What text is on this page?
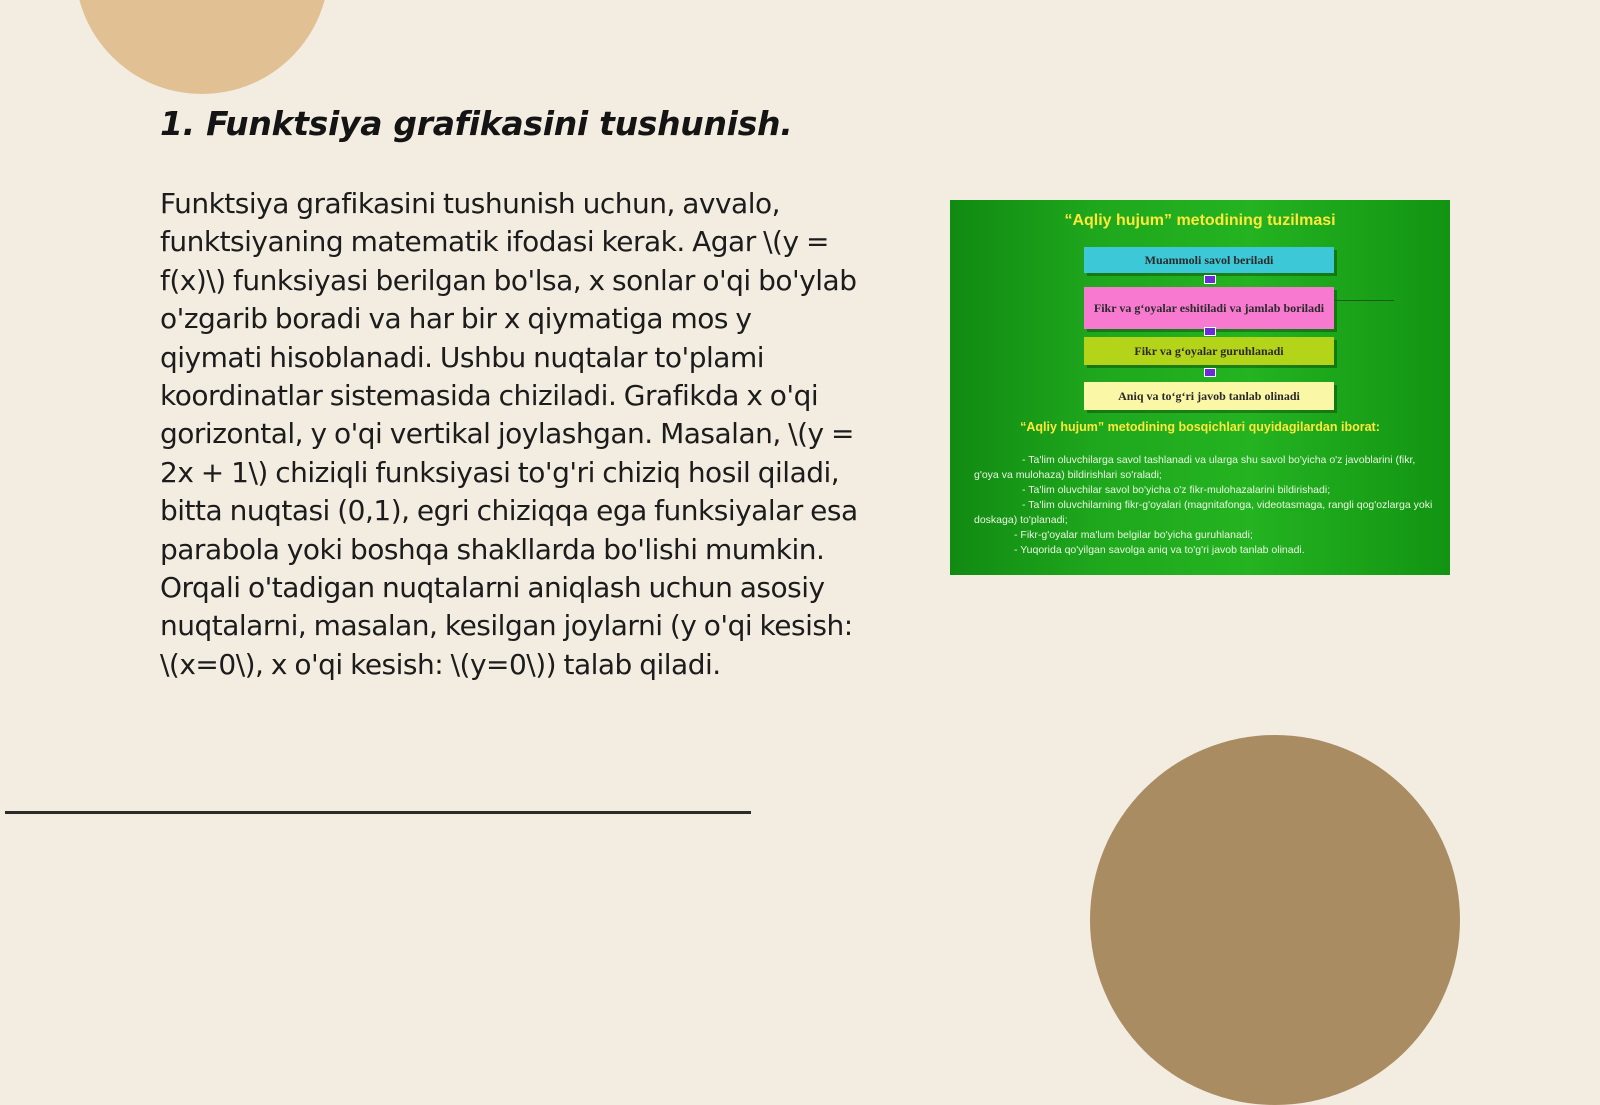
1. Funktsiya grafikasini tushunish.

Funktsiya grafikasini tushunish uchun, avvalo, funktsiyaning matematik ifodasi kerak. Agar \(y = f(x)\) funksiyasi berilgan bo'lsa, x sonlar o'qi bo'ylab o'zgarib boradi va har bir x qiymatiga mos y qiymati hisoblanadi. Ushbu nuqtalar to'plami koordinatlar sistemasida chiziladi. Grafikda x o'qi gorizontal, y o'qi vertikal joylashgan. Masalan, \(y = 2x + 1\) chiziqli funksiyasi to'g'ri chiziq hosil qiladi, bitta nuqtasi (0,1), egri chiziqqa ega funksiyalar esa parabola yoki boshqa shakllarda bo'lishi mumkin. Orqali o'tadigan nuqtalarni aniqlash uchun asosiy nuqtalarni, masalan, kesilgan joylarni (y o'qi kesish: \(x=0\), x o'qi kesish: \(y=0\)) talab qiladi.

“Aqliy hujum” metodining tuzilmasi
Muammoli savol beriladi
Fikr va g‘oyalar eshitiladi va jamlab boriladi
Fikr va g‘oyalar guruhlanadi
Aniq va to‘g‘ri javob tanlab olinadi
“Aqliy hujum” metodining bosqichlari quyidagilardan iborat:
- Ta'lim oluvchilarga savol tashlanadi va ularga shu savol bo'yicha o'z javoblarini (fikr, g'oya va mulohaza) bildirishlari so'raladi;
- Ta'lim oluvchilar savol bo'yicha o'z fikr-mulohazalarini bildirishadi;
- Ta'lim oluvchilarning fikr-g'oyalari (magnitafonga, videotasmaga, rangli qog'ozlarga yoki doskaga) to'planadi;
- Fikr-g'oyalar ma'lum belgilar bo'yicha guruhlanadi;
- Yuqorida qo'yilgan savolga aniq va to'g'ri javob tanlab olinadi.
